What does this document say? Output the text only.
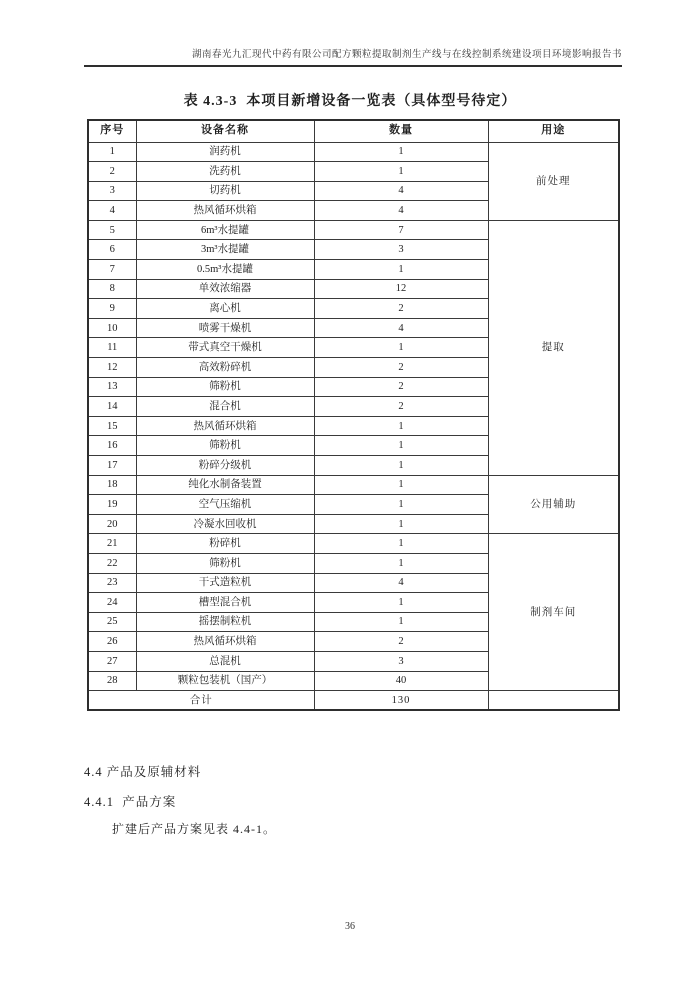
湖南春光九汇现代中药有限公司配方颗粒提取制剂生产线与在线控制系统建设项目环境影响报告书
表 4.3-3  本项目新增设备一览表（具体型号待定）
序号	设备名称	数量	用途
1	润药机	1	前处理
2	洗药机	1	
3	切药机	4	
4	热风循环烘箱	4	
5	6m³水提罐	7	提取
6	3m³水提罐	3	
7	0.5m³水提罐	1	
8	单效浓缩器	12	
9	离心机	2	
10	喷雾干燥机	4	
11	带式真空干燥机	1	
12	高效粉碎机	2	
13	筛粉机	2	
14	混合机	2	
15	热风循环烘箱	1	
16	筛粉机	1	
17	粉碎分级机	1	
18	纯化水制备装置	1	公用辅助
19	空气压缩机	1	
20	冷凝水回收机	1	
21	粉碎机	1	制剂车间
22	筛粉机	1	
23	干式造粒机	4	
24	槽型混合机	1	
25	摇摆制粒机	1	
26	热风循环烘箱	2	
27	总混机	3	
28	颗粒包装机（国产）	40	
合计		130	
4.4 产品及原辅材料
4.4.1  产品方案
扩建后产品方案见表 4.4-1。
36
